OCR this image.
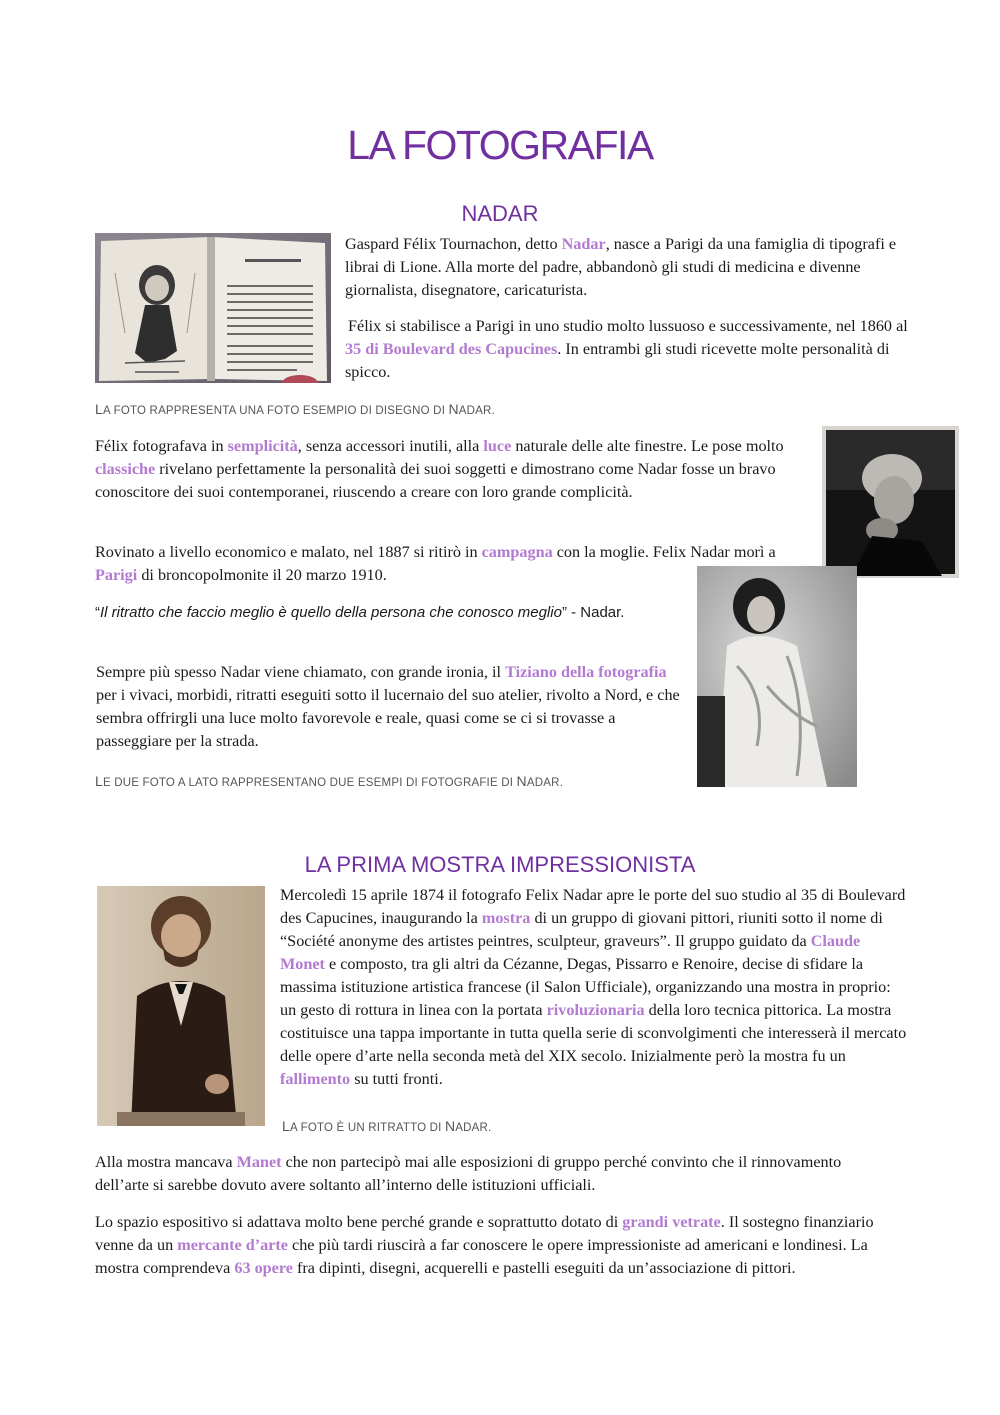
LA FOTOGRAFIA
NADAR
Gaspard Félix Tournachon, detto Nadar, nasce a Parigi da una famiglia di tipografi e librai di Lione. Alla morte del padre, abbandonò gli studi di medicina e divenne giornalista, disegnatore, caricaturista.
Félix si stabilisce a Parigi in uno studio molto lussuoso e successivamente, nel 1860 al 35 di Boulevard des Capucines. In entrambi gli studi ricevette molte personalità di spicco.
LA FOTO RAPPRESENTA UNA FOTO ESEMPIO DI DISEGNO DI NADAR.
Félix fotografava in semplicità, senza accessori inutili, alla luce naturale delle alte finestre. Le pose molto classiche rivelano perfettamente la personalità dei suoi soggetti e dimostrano come Nadar fosse un bravo conoscitore dei suoi contemporanei, riuscendo a creare con loro grande complicità.
Rovinato a livello economico e malato, nel 1887 si ritirò in campagna con la moglie. Felix Nadar morì a Parigi di broncopolmonite il 20 marzo 1910.
“Il ritratto che faccio meglio è quello della persona che conosco meglio” - Nadar.
Sempre più spesso Nadar viene chiamato, con grande ironia, il Tiziano della fotografia per i vivaci, morbidi, ritratti eseguiti sotto il lucernaio del suo atelier, rivolto a Nord, e che sembra offrirgli una luce molto favorevole e reale, quasi come se ci si trovasse a passeggiare per la strada.
LE DUE FOTO A LATO RAPPRESENTANO DUE ESEMPI DI FOTOGRAFIE DI NADAR.
LA PRIMA MOSTRA IMPRESSIONISTA
Mercoledì 15 aprile 1874 il fotografo Felix Nadar apre le porte del suo studio al 35 di Boulevard des Capucines, inaugurando la mostra di un gruppo di giovani pittori, riuniti sotto il nome di “Société anonyme des artistes peintres, sculpteur, graveurs”. Il gruppo guidato da Claude Monet e composto, tra gli altri da Cézanne, Degas, Pissarro e Renoire, decise di sfidare la massima istituzione artistica francese (il Salon Ufficiale), organizzando una mostra in proprio: un gesto di rottura in linea con la portata rivoluzionaria della loro tecnica pittorica. La mostra costituisce una tappa importante in tutta quella serie di sconvolgimenti che interesserà il mercato delle opere d’arte nella seconda metà del XIX secolo. Inizialmente però la mostra fu un fallimento su tutti fronti.
LA FOTO È UN RITRATTO DI NADAR.
Alla mostra mancava Manet che non partecipò mai alle esposizioni di gruppo perché convinto che il rinnovamento dell’arte si sarebbe dovuto avere soltanto all’interno delle istituzioni ufficiali.
Lo spazio espositivo si adattava molto bene perché grande e soprattutto dotato di grandi vetrate. Il sostegno finanziario venne da un mercante d’arte che più tardi riuscirà a far conoscere le opere impressioniste ad americani e londinesi. La mostra comprendeva 63 opere fra dipinti, disegni, acquerelli e pastelli eseguiti da un’associazione di pittori.
